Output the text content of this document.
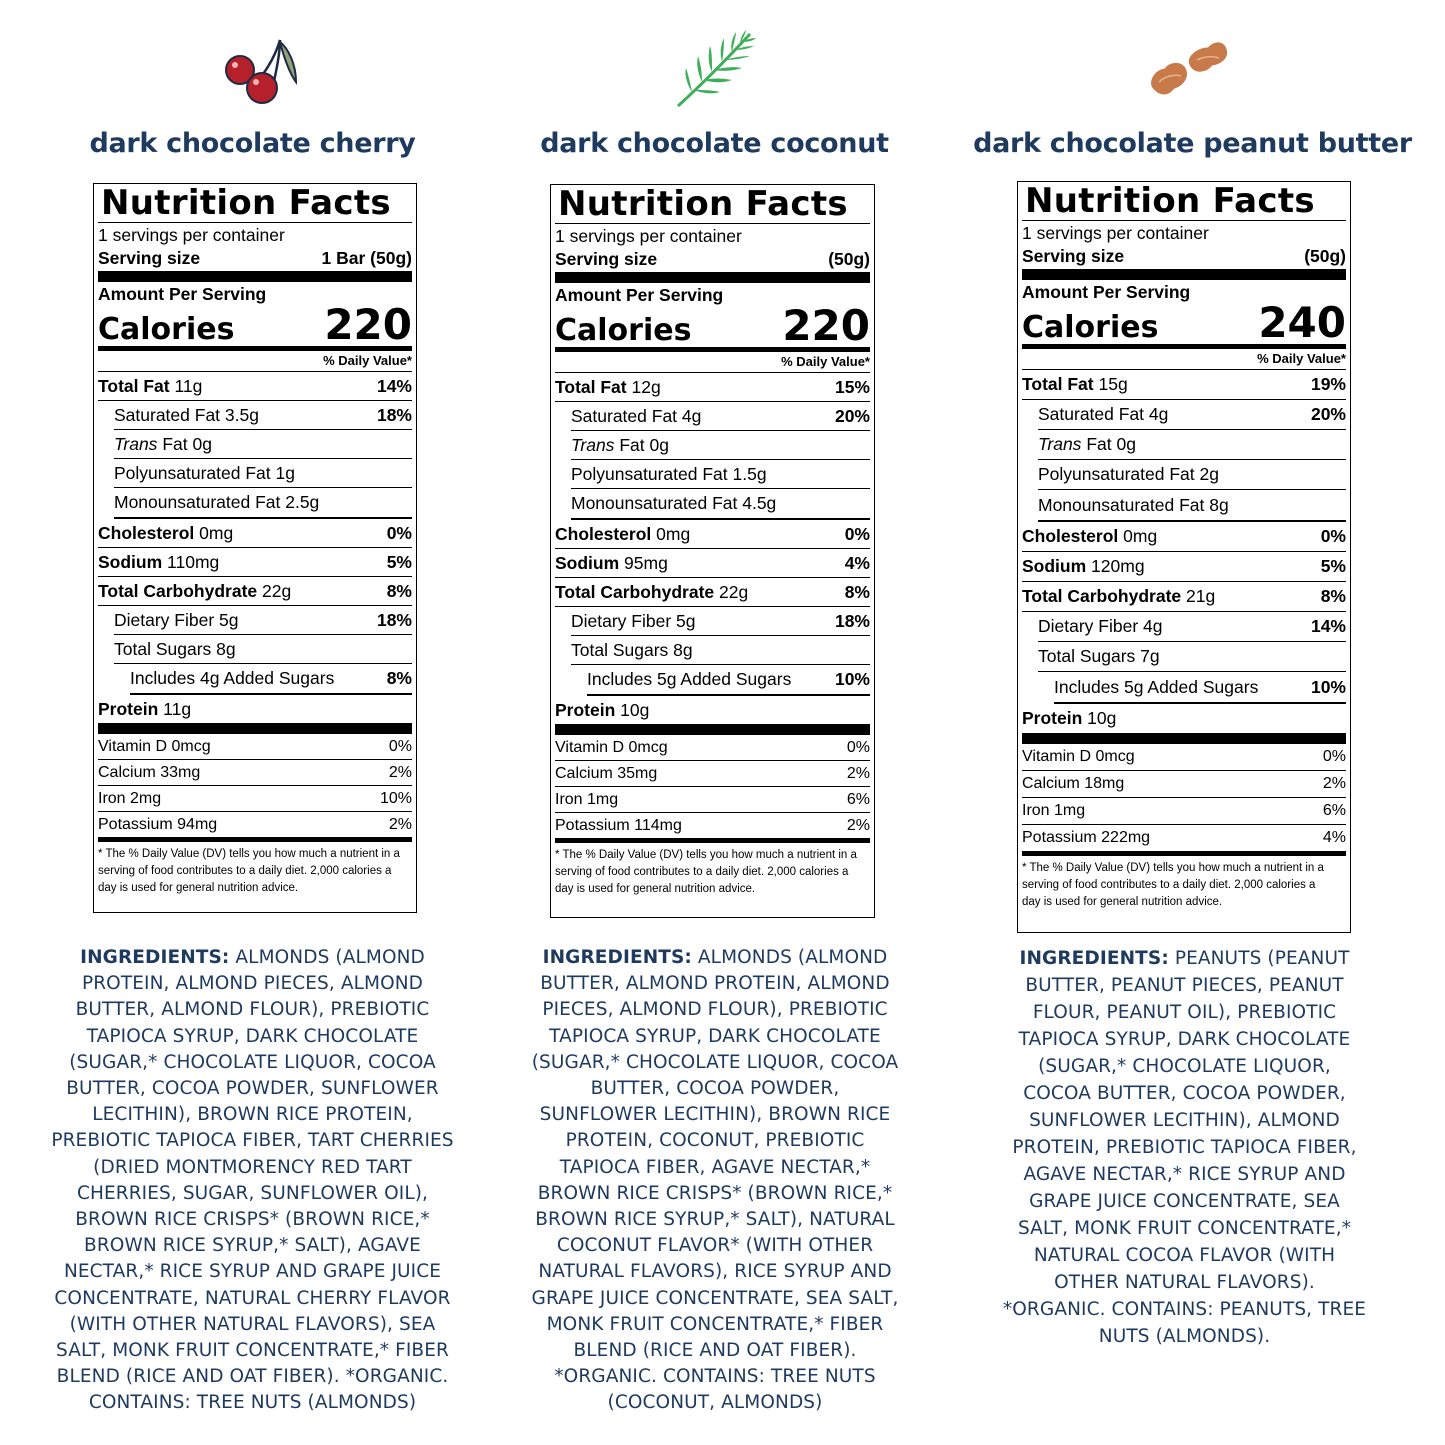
dark chocolate cherry
Nutrition Facts
1 servings per container
Serving size	1 Bar (50g)
Amount Per Serving
Calories 220
% Daily Value*
Total Fat 11g	14%
Saturated Fat 3.5g	18%
Trans Fat 0g
Polyunsaturated Fat 1g
Monounsaturated Fat 2.5g
Cholesterol 0mg	0%
Sodium 110mg	5%
Total Carbohydrate 22g	8%
Dietary Fiber 5g	18%
Total Sugars 8g
Includes 4g Added Sugars	8%
Protein 11g
Vitamin D 0mcg	0%
Calcium 33mg	2%
Iron 2mg	10%
Potassium 94mg	2%
* The % Daily Value (DV) tells you how much a nutrient in a serving of food contributes to a daily diet. 2,000 calories a day is used for general nutrition advice.
INGREDIENTS: ALMONDS (ALMOND PROTEIN, ALMOND PIECES, ALMOND BUTTER, ALMOND FLOUR), PREBIOTIC TAPIOCA SYRUP, DARK CHOCOLATE (SUGAR,* CHOCOLATE LIQUOR, COCOA BUTTER, COCOA POWDER, SUNFLOWER LECITHIN), BROWN RICE PROTEIN, PREBIOTIC TAPIOCA FIBER, TART CHERRIES (DRIED MONTMORENCY RED TART CHERRIES, SUGAR, SUNFLOWER OIL), BROWN RICE CRISPS* (BROWN RICE,* BROWN RICE SYRUP,* SALT), AGAVE NECTAR,* RICE SYRUP AND GRAPE JUICE CONCENTRATE, NATURAL CHERRY FLAVOR (WITH OTHER NATURAL FLAVORS), SEA SALT, MONK FRUIT CONCENTRATE,* FIBER BLEND (RICE AND OAT FIBER). *ORGANIC. CONTAINS: TREE NUTS (ALMONDS)
dark chocolate coconut
Nutrition Facts
1 servings per container
Serving size	(50g)
Amount Per Serving
Calories 220
% Daily Value*
Total Fat 12g	15%
Saturated Fat 4g	20%
Trans Fat 0g
Polyunsaturated Fat 1.5g
Monounsaturated Fat 4.5g
Cholesterol 0mg	0%
Sodium 95mg	4%
Total Carbohydrate 22g	8%
Dietary Fiber 5g	18%
Total Sugars 8g
Includes 5g Added Sugars 10%
Protein 10g
Vitamin D 0mcg	0%
Calcium 35mg	2%
Iron 1mg	6%
Potassium 114mg	2%
* The % Daily Value (DV) tells you how much a nutrient in a serving of food contributes to a daily diet. 2,000 calories a day is used for general nutrition advice.
INGREDIENTS: ALMONDS (ALMOND BUTTER, ALMOND PROTEIN, ALMOND PIECES, ALMOND FLOUR), PREBIOTIC TAPIOCA SYRUP, DARK CHOCOLATE (SUGAR,* CHOCOLATE LIQUOR, COCOA BUTTER, COCOA POWDER, SUNFLOWER LECITHIN), BROWN RICE PROTEIN, COCONUT, PREBIOTIC TAPIOCA FIBER, AGAVE NECTAR,* BROWN RICE CRISPS* (BROWN RICE,* BROWN RICE SYRUP,* SALT), NATURAL COCONUT FLAVOR* (WITH OTHER NATURAL FLAVORS), RICE SYRUP AND GRAPE JUICE CONCENTRATE, SEA SALT, MONK FRUIT CONCENTRATE,* FIBER BLEND (RICE AND OAT FIBER). *ORGANIC. CONTAINS: TREE NUTS (COCONUT, ALMONDS)
dark chocolate peanut butter
Nutrition Facts
1 servings per container
Serving size	(50g)
Amount Per Serving
Calories 240
% Daily Value*
Total Fat 15g	19%
Saturated Fat 4g	20%
Trans Fat 0g
Polyunsaturated Fat 2g
Monounsaturated Fat 8g
Cholesterol 0mg	0%
Sodium 120mg	5%
Total Carbohydrate 21g	8%
Dietary Fiber 4g	14%
Total Sugars 7g
Includes 5g Added Sugars	10%
Protein 10g
Vitamin D 0mcg	0%
Calcium 18mg	2%
Iron 1mg	6%
Potassium 222mg	4%
* The % Daily Value (DV) tells you how much a nutrient in a serving of food contributes to a daily diet. 2,000 calories a day is used for general nutrition advice.
INGREDIENTS: PEANUTS (PEANUT BUTTER, PEANUT PIECES, PEANUT FLOUR, PEANUT OIL), PREBIOTIC TAPIOCA SYRUP, DARK CHOCOLATE (SUGAR,* CHOCOLATE LIQUOR, COCOA BUTTER, COCOA POWDER, SUNFLOWER LECITHIN), ALMOND PROTEIN, PREBIOTIC TAPIOCA FIBER, AGAVE NECTAR,* RICE SYRUP AND GRAPE JUICE CONCENTRATE, SEA SALT, MONK FRUIT CONCENTRATE,* NATURAL COCOA FLAVOR (WITH OTHER NATURAL FLAVORS). *ORGANIC. CONTAINS: PEANUTS, TREE NUTS (ALMONDS).
